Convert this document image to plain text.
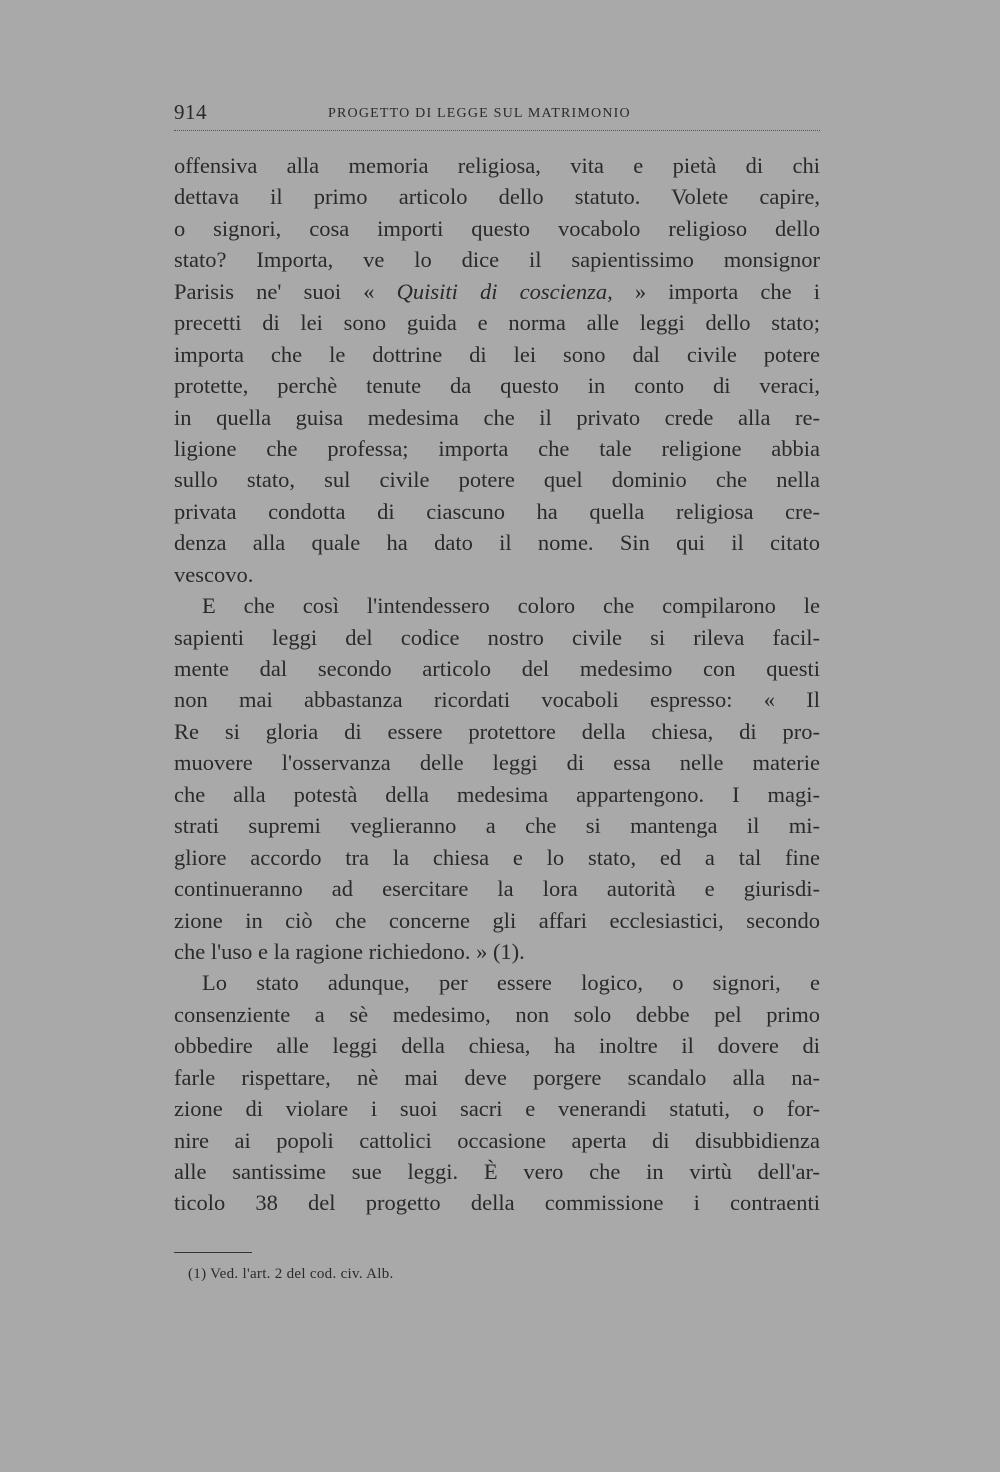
914	PROGETTO DI LEGGE SUL MATRIMONIO
offensiva alla memoria religiosa, vita e pietà di chi
dettava il primo articolo dello statuto. Volete capire,
o signori, cosa importi questo vocabolo religioso dello
stato? Importa, ve lo dice il sapientissimo monsignor
Parisis ne' suoi « Quisiti di coscienza, » importa che i
precetti di lei sono guida e norma alle leggi dello stato;
importa che le dottrine di lei sono dal civile potere
protette, perchè tenute da questo in conto di veraci,
in quella guisa medesima che il privato crede alla re-
ligione che professa; importa che tale religione abbia
sullo stato, sul civile potere quel dominio che nella
privata condotta di ciascuno ha quella religiosa cre-
denza alla quale ha dato il nome. Sin qui il citato
vescovo.
E che così l'intendessero coloro che compilarono le
sapienti leggi del codice nostro civile si rileva facil-
mente dal secondo articolo del medesimo con questi
non mai abbastanza ricordati vocaboli espresso: « Il
Re si gloria di essere protettore della chiesa, di pro-
muovere l'osservanza delle leggi di essa nelle materie
che alla potestà della medesima appartengono. I magi-
strati supremi veglieranno a che si mantenga il mi-
gliore accordo tra la chiesa e lo stato, ed a tal fine
continueranno ad esercitare la lora autorità e giurisdi-
zione in ciò che concerne gli affari ecclesiastici, secondo
che l'uso e la ragione richiedono. » (1).
Lo stato adunque, per essere logico, o signori, e
consenziente a sè medesimo, non solo debbe pel primo
obbedire alle leggi della chiesa, ha inoltre il dovere di
farle rispettare, nè mai deve porgere scandalo alla na-
zione di violare i suoi sacri e venerandi statuti, o for-
nire ai popoli cattolici occasione aperta di disubbidienza
alle santissime sue leggi. È vero che in virtù dell'ar-
ticolo 38 del progetto della commissione i contraenti
(1) Ved. l'art. 2 del cod. civ. Alb.
